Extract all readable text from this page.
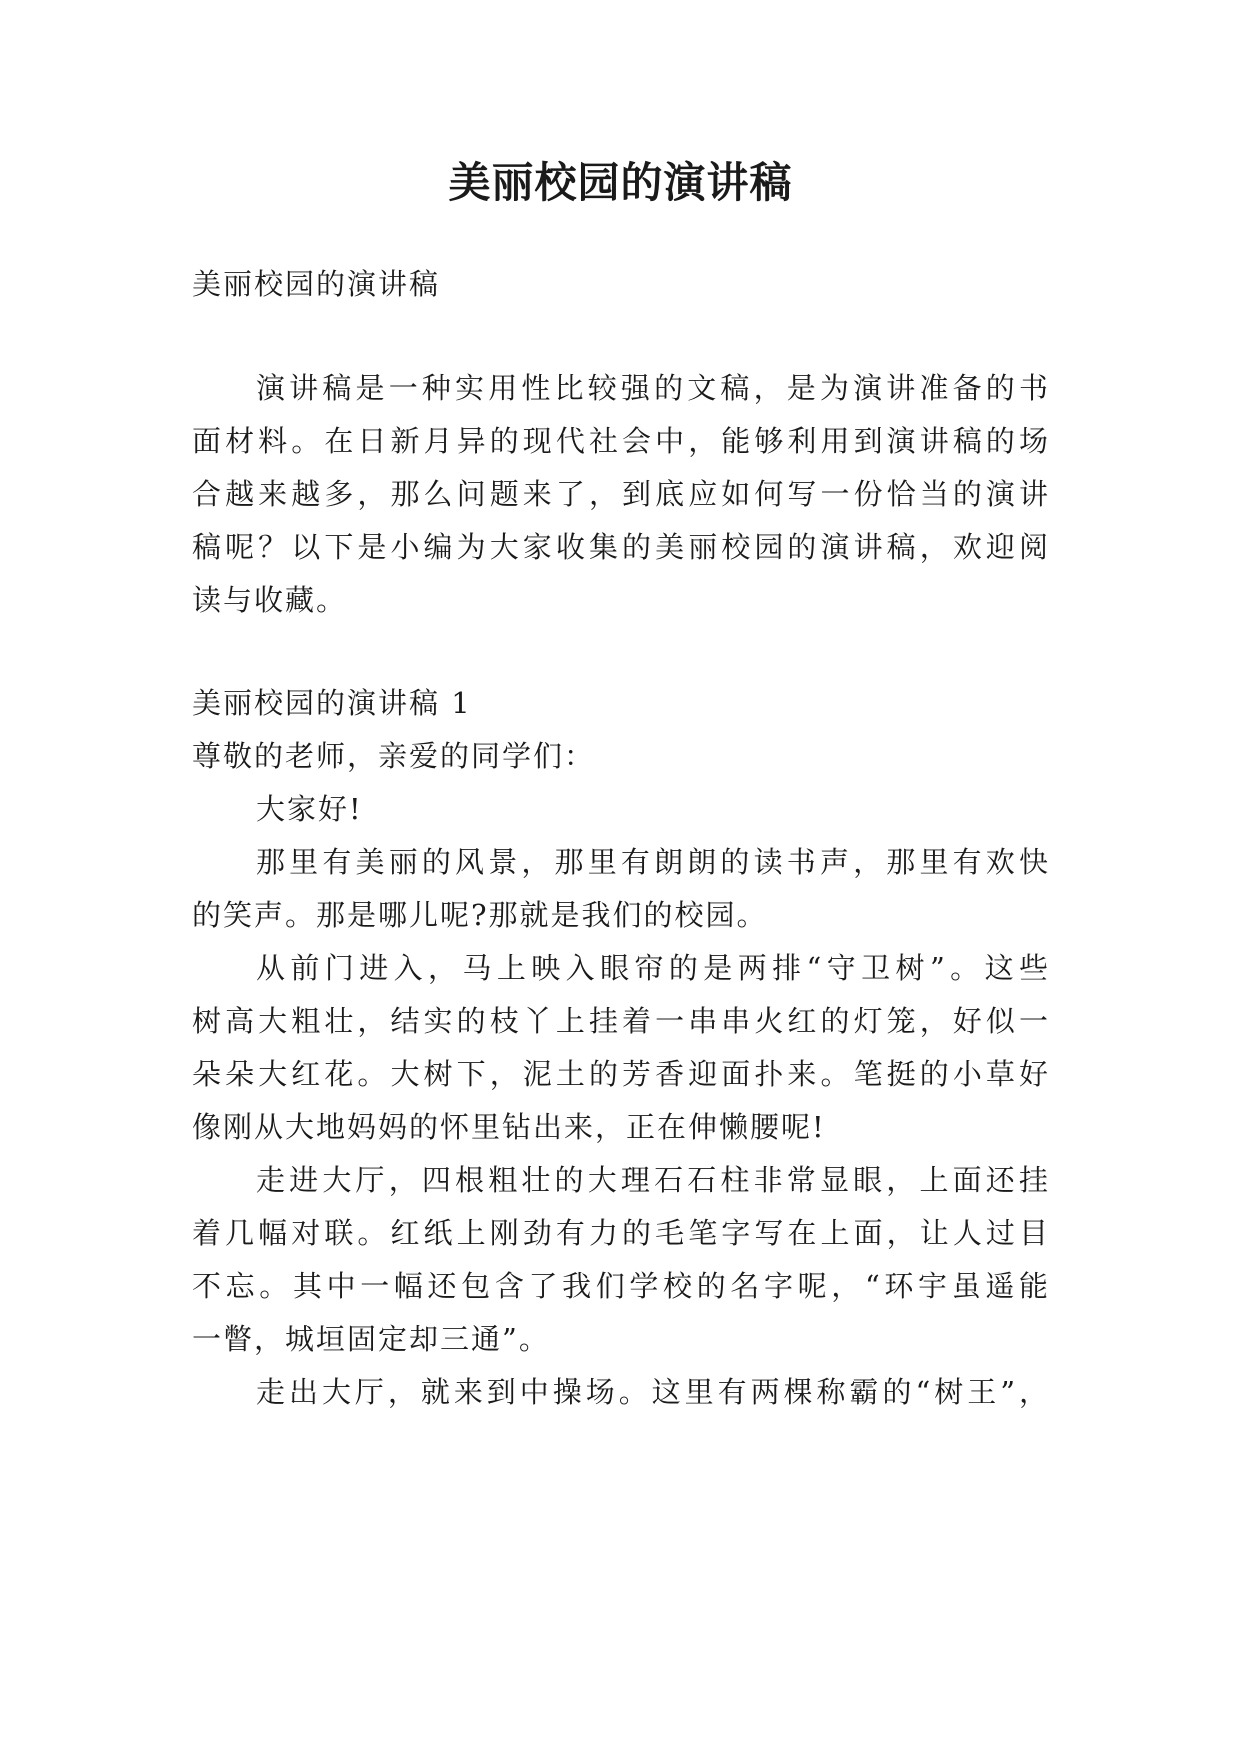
美丽校园的演讲稿

美丽校园的演讲稿

演讲稿是一种实用性比较强的文稿，是为演讲准备的书

面材料。在日新月异的现代社会中，能够利用到演讲稿的场

合越来越多，那么问题来了，到底应如何写一份恰当的演讲

稿呢？以下是小编为大家收集的美丽校园的演讲稿，欢迎阅

读与收藏。

美丽校园的演讲稿 1

尊敬的老师，亲爱的同学们：

大家好!

那里有美丽的风景，那里有朗朗的读书声，那里有欢快

的笑声。那是哪儿呢?那就是我们的校园。

从前门进入，马上映入眼帘的是两排“守卫树”。这些

树高大粗壮，结实的枝丫上挂着一串串火红的灯笼，好似一

朵朵大红花。大树下，泥土的芳香迎面扑来。笔挺的小草好

像刚从大地妈妈的怀里钻出来，正在伸懒腰呢!

走进大厅，四根粗壮的大理石石柱非常显眼，上面还挂

着几幅对联。红纸上刚劲有力的毛笔字写在上面，让人过目

不忘。其中一幅还包含了我们学校的名字呢，“环宇虽遥能

一瞥，城垣固定却三通”。

走出大厅，就来到中操场。这里有两棵称霸的“树王”，
